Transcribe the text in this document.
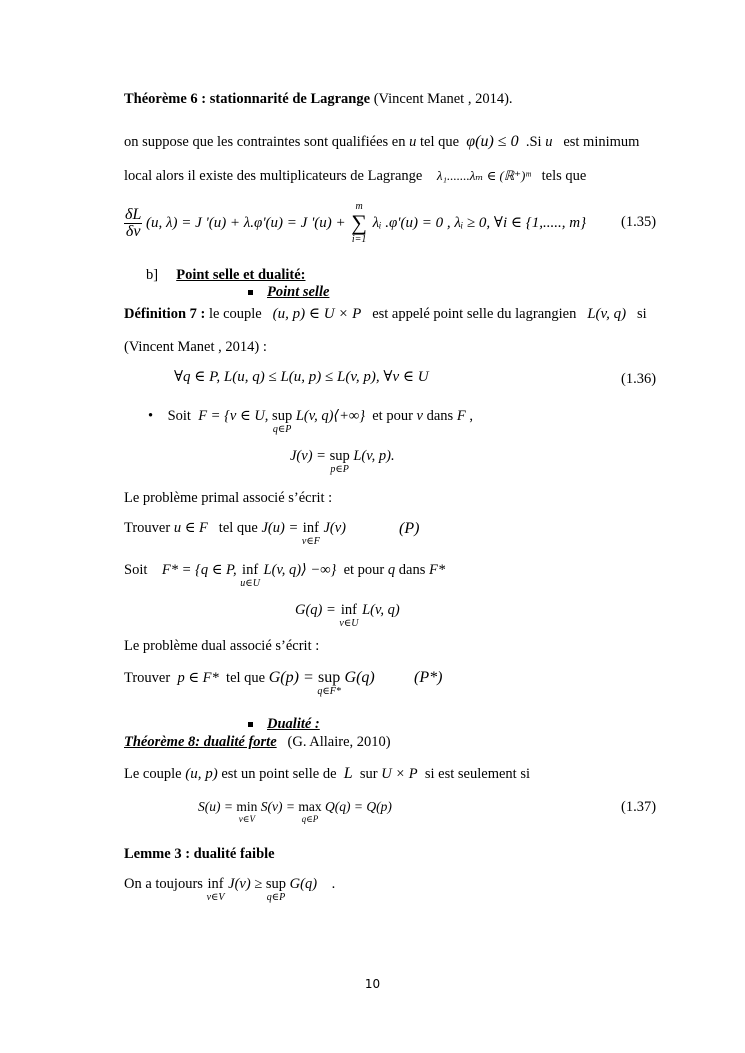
Théorème 6 : stationnarité de Lagrange (Vincent Manet , 2014).
on suppose que les contraintes sont qualifiées en u tel que φ(u) ≤ 0 .Si u est minimum
local alors il existe des multiplicateurs de Lagrange λ₁.......λₘ ∈ (ℝ⁺)ᵐ tels que
$\frac{\delta L}{\delta v} (u$, λ) = J '(u) + λ.φ'(u) = J '(u) +
m
∑
i=1
λᵢ .φ'(u) = 0 , λᵢ ≥ 0, ∀i ∈ {1,....., m} (1.35)
b] Point selle et dualité:
Point selle
Définition 7 : le couple (u, p) ∈ U × P est appelé point selle du lagrangien L(v, q) si
(Vincent Manet , 2014) :
∀q ∈ P, L(u, q) ≤ L(u, p) ≤ L(v, p), ∀v ∈ U	(1.36)
• Soit F = {v ∈ U, sup
q∈P
L(v, q)⟨+∞} et pour v dans F ,
J(v) = sup
p∈P
L(v, p).
Le problème primal associé s’écrit :
Trouver u ∈ F tel que J(u) = inf
v∈F
J(v)	(P)
Soit F* = {q ∈ P, inf
u∈U
L(v, q)⟩ −∞} et pour q dans F*
G(q) = inf
v∈U
L(v, q)
Le problème dual associé s’écrit :
Trouver p ∈ F* tel que G(p) = sup
q∈F*
G(q) (P*)
Dualité :
Théorème 8: dualité forte (G. Allaire, 2010)
Le couple (u, p) est un point selle de L sur U × P si est seulement si
S(u) = min
v∈V
S(v) = max
q∈P
Q(q) = Q(p)	(1.37)
Lemme 3 : dualité faible
On a toujours inf
v∈V
J(v) ≥ sup
q∈P
G(q) .
10
